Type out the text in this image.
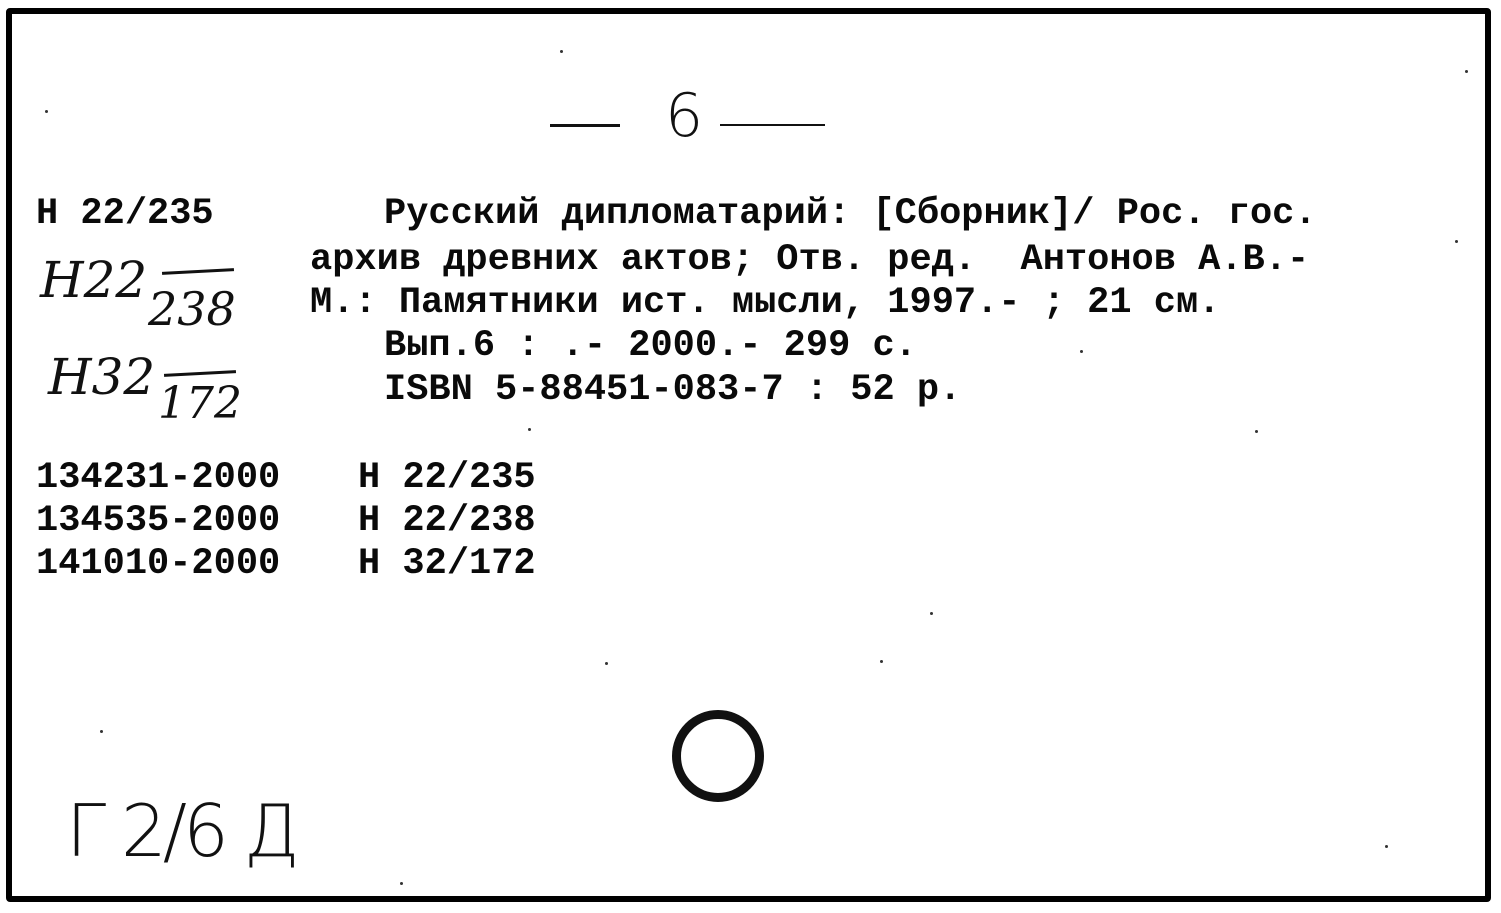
6
Н 22/235
Н22 238
Н32 172
Русский дипломатарий: [Сборник]/ Рос. гос.
архив древних актов; Отв. ред.  Антонов А.В.-
М.: Памятники ист. мысли, 1997.- ; 21 см.
Вып.6 : .- 2000.- 299 с.
ISBN 5-88451-083-7 : 52 р.
134231-2000 Н 22/235
134535-2000 Н 22/238
141010-2000 Н 32/172
Г 2/6 Д
